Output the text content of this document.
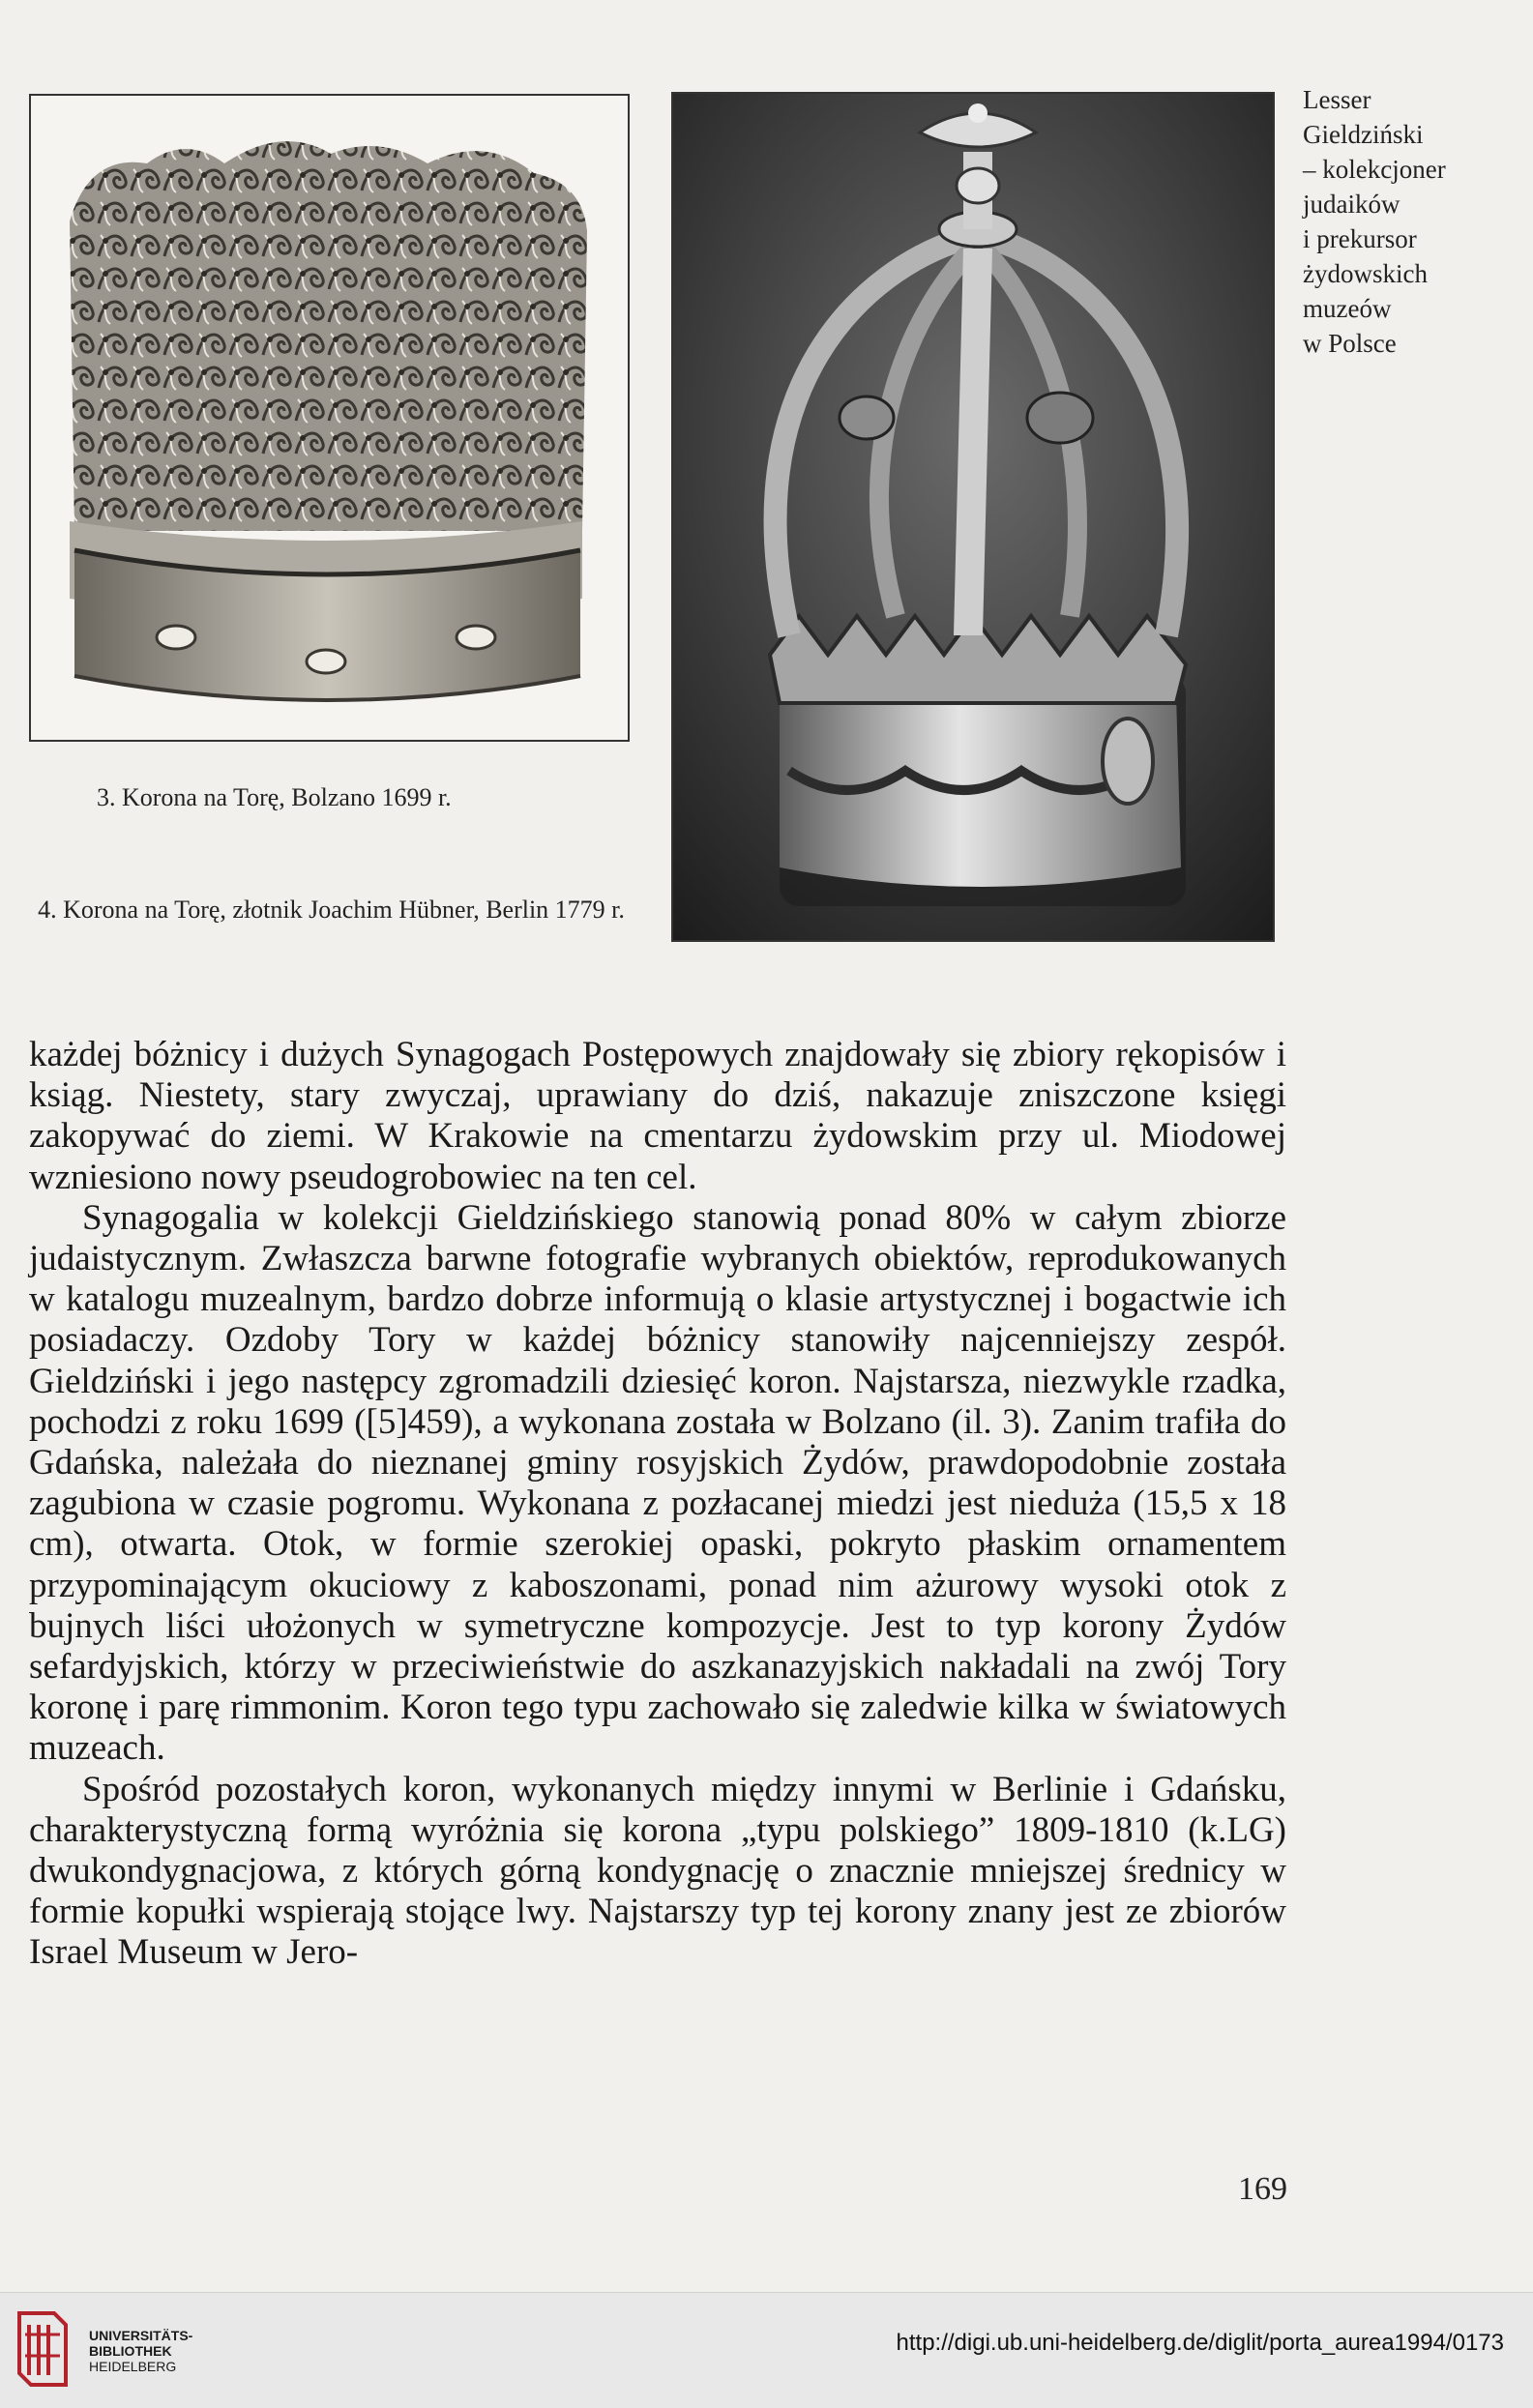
3. Korona na Torę, Bolzano 1699 r.
4. Korona na Torę, złotnik Joachim Hübner, Berlin 1779 r.
Lesser
Gieldziński
– kolekcjoner
judaików
i prekursor
żydowskich
muzeów
w Polsce

każdej bóżnicy i dużych Synagogach Postępowych znajdowały się zbiory rękopisów i ksiąg. Niestety, stary zwyczaj, uprawiany do dziś, nakazuje zniszczone księgi zakopywać do ziemi. W Krakowie na cmentarzu żydowskim przy ul. Miodowej wzniesiono nowy pseudogrobowiec na ten cel.

Synagogalia w kolekcji Gieldzińskiego stanowią ponad 80% w całym zbiorze judaistycznym. Zwłaszcza barwne fotografie wybranych obiektów, reprodukowanych w katalogu muzealnym, bardzo dobrze informują o klasie artystycznej i bogactwie ich posiadaczy. Ozdoby Tory w każdej bóżnicy stanowiły najcenniejszy zespół. Gieldziński i jego następcy zgromadzili dziesięć koron. Najstarsza, niezwykle rzadka, pochodzi z roku 1699 ([5]459), a wykonana została w Bolzano (il. 3). Zanim trafiła do Gdańska, należała do nieznanej gminy rosyjskich Żydów, prawdopodobnie została zagubiona w czasie pogromu. Wykonana z pozłacanej miedzi jest nieduża (15,5 x 18 cm), otwarta. Otok, w formie szerokiej opaski, pokryto płaskim ornamentem przypominającym okuciowy z kaboszonami, ponad nim ażurowy wysoki otok z bujnych liści ułożonych w symetryczne kompozycje. Jest to typ korony Żydów sefardyjskich, którzy w przeciwieństwie do aszkanazyjskich nakładali na zwój Tory koronę i parę rimmonim. Koron tego typu zachowało się zaledwie kilka w światowych muzeach.

Spośród pozostałych koron, wykonanych między innymi w Berlinie i Gdańsku, charakterystyczną formą wyróżnia się korona „typu polskiego” 1809-1810 (k.LG) dwukondygnacjowa, z których górną kondygnację o znacznie mniejszej średnicy w formie kopułki wspierają stojące lwy. Najstarszy typ tej korony znany jest ze zbiorów Israel Museum w Jero-

169
UNIVERSITÄTS-
BIBLIOTHEK
HEIDELBERG
http://digi.ub.uni-heidelberg.de/diglit/porta_aurea1994/0173
